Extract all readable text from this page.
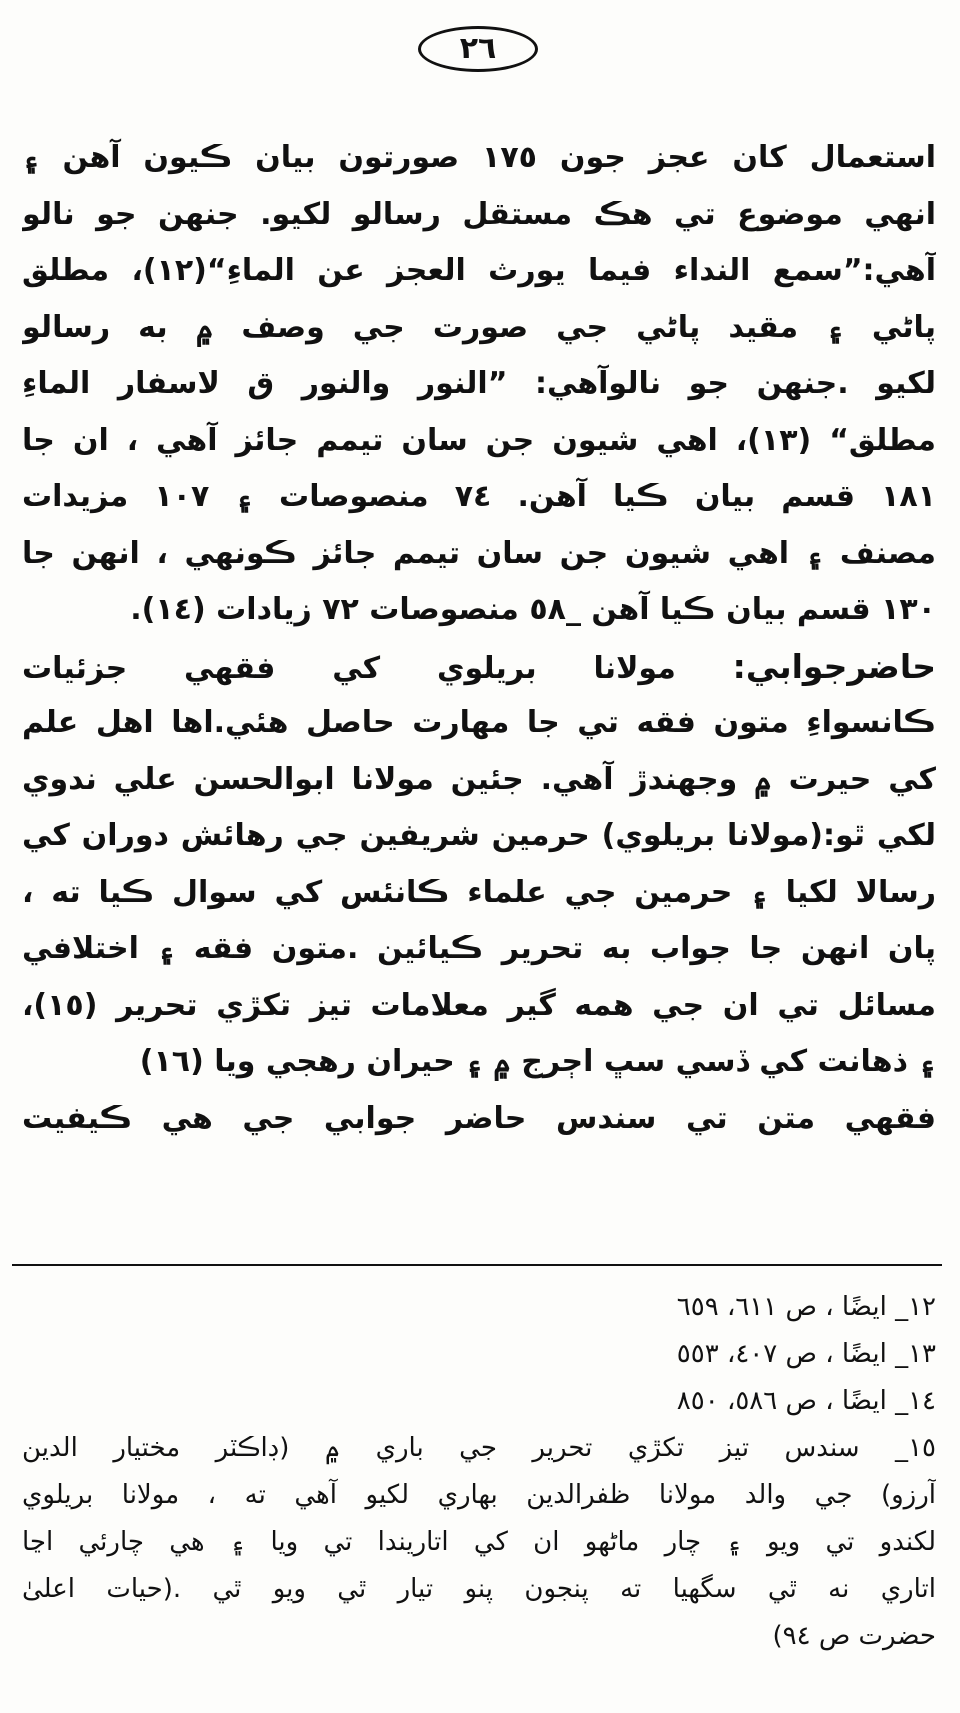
٢٦
استعمال کان عجز جون ١٧٥ صورتون بيان ڪيون آهن ۽
انهي موضوع تي هڪ مستقل رسالو لکيو. جنهن جو نالو
آهي:”سمع النداء فيما يورث العجز عن الماءِ“(١٢)، مطلق
پاڻي ۽ مقيد پاڻي جي صورت جي وصف ۾ به رسالو
لکيو .جنهن جو نالوآهي: ”النور والنور ق لاسفار الماءِ
مطلق“ (١٣)، اهي شيون جن سان تيمم جائز آهي ، ان جا
١٨١ قسم بيان ڪيا آهن. ٧٤ منصوصات ۽ ١٠٧ مزيدات
مصنف ۽ اهي شيون جن سان تيمم جائز ڪونهي ، انهن جا
١٣٠ قسم بيان ڪيا آهن _٥٨ منصوصات ٧٢ زيادات (١٤).
حاضرجوابي: مولانا بريلوي کي فقهي جزئيات
ڪانسواءِ متون فقه تي جا مهارت حاصل هئي.اها اهل علم
کي حيرت ۾ وجهندڙ آهي. جئين مولانا ابوالحسن علي ندوي
لکي ٿو:(مولانا بريلوي) حرمين شريفين جي رهائش دوران کي
رسالا لکيا ۽ حرمين جي علماء ڪانئس کي سوال ڪيا ته ،
پان انهن جا جواب به تحرير ڪيائين .متون فقه ۽ اختلافي
مسائل تي ان جي همه گير معلامات تيز تکڙي تحرير (١٥)،
۽ ذهانت کي ڏسي سڀ اڄرج ۾ ۽ حيران رهجي ويا (١٦)
فقهي متن تي سندس حاضر جوابي جي هي ڪيفيت
١٢_ ايضًا ، ص ٦١١، ٦٥٩
١٣_ ايضًا ، ص ٤٠٧، ٥٥٣
١٤_ ايضًا ، ص ٥٨٦، ٨٥٠
١٥_ سندس تيز تکڙي تحرير جي باري ۾ (ڊاڪٽر مختيار الدين
آرزو) جي والد مولانا ظفرالدين بهاري لکيو آهي ته ، مولانا بريلوي
لکندو تي ويو ۽ چار ماڻهو ان کي اتاريندا تي ويا ۽ هي چارئي اڃا
اتاري نه ٿي سگهيا ته پنجون پنو تيار ٿي ويو ٿي .(حيات اعلىٰ
حضرت ص ٩٤)
